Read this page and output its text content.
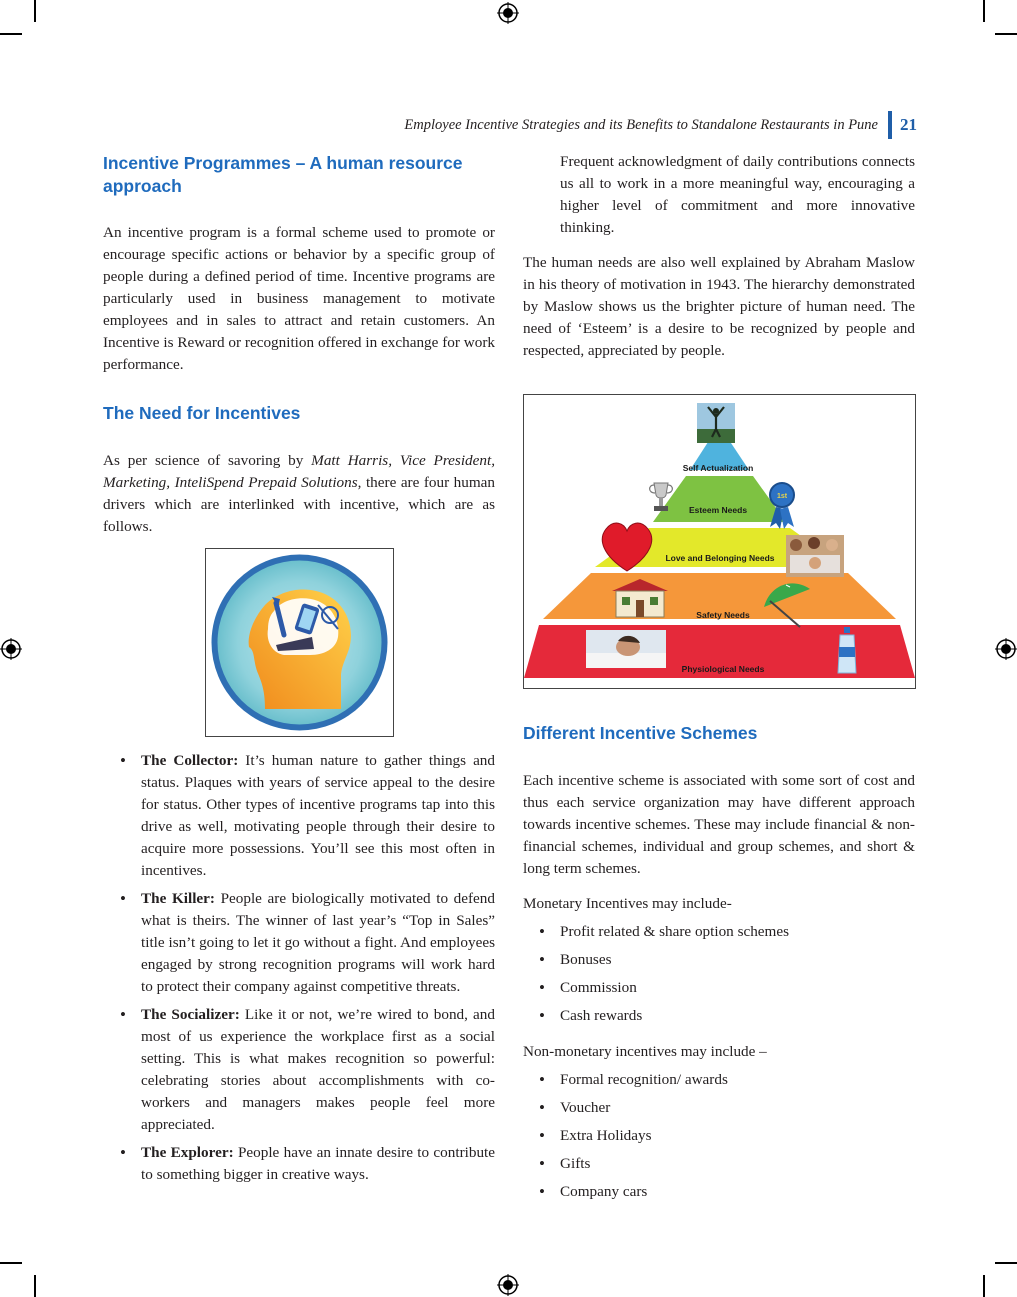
Employee Incentive Strategies and its Benefits to Standalone Restaurants in Pune 21
Incentive Programmes – A human resource approach

An incentive program is a formal scheme used to promote or encourage specific actions or behavior by a specific group of people during a defined period of time. Incentive programs are particularly used in business management to motivate employees and in sales to attract and retain customers. An Incentive is Reward or recognition offered in exchange for work performance.

The Need for Incentives

As per science of savoring by Matt Harris, Vice President, Marketing, InteliSpend Prepaid Solutions, there are four human drivers which are interlinked with incentive, which are as follows.

• The Collector: It’s human nature to gather things and status. Plaques with years of service appeal to the desire for status. Other types of incentive programs tap into this drive as well, motivating people through their desire to acquire more possessions. You’ll see this most often in incentives.
• The Killer: People are biologically motivated to defend what is theirs. The winner of last year’s “Top in Sales” title isn’t going to let it go without a fight. And employees engaged by strong recognition programs will work hard to protect their company against competitive threats.
• The Socializer: Like it or not, we’re wired to bond, and most of us experience the workplace first as a social setting. This is what makes recognition so powerful: celebrating stories about accomplishments with co-workers and managers makes people feel more appreciated.
• The Explorer: People have an innate desire to contribute to something bigger in creative ways.

Frequent acknowledgment of daily contributions connects us all to work in a more meaningful way, encouraging a higher level of commitment and more innovative thinking.

The human needs are also well explained by Abraham Maslow in his theory of motivation in 1943. The hierarchy demonstrated by Maslow shows us the brighter picture of human need. The need of ‘Esteem’ is a desire to be recognized by people and respected, appreciated by people.

Self Actualization
Esteem Needs
Love and Belonging Needs
Safety Needs
Physiological Needs
1st
Different Incentive Schemes

Each incentive scheme is associated with some sort of cost and thus each service organization may have different approach towards incentive schemes. These may include financial & non-financial schemes, individual and group schemes, and short & long term schemes.

Monetary Incentives may include-

• Profit related & share option schemes
• Bonuses
• Commission
• Cash rewards

Non-monetary incentives may include –

• Formal recognition/ awards
• Voucher
• Extra Holidays
• Gifts
• Company cars
